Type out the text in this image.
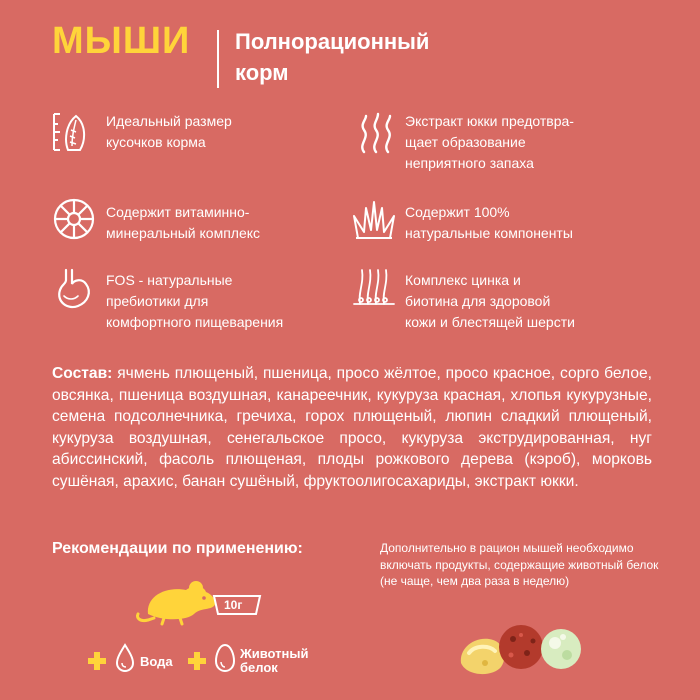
МЫШИ Полнорационный
корм
Идеальный размер
кусочков корма
Экстракт юкки предотвра-
щает образование
неприятного запаха
Содержит витаминно-
минеральный комплекс
Содержит 100%
натуральные компоненты
FOS - натуральные
пребиотики для
комфортного пищеварения
Комплекс цинка и
биотина для здоровой
кожи и блестящей шерсти
Состав: ячмень плющеный, пшеница, просо жёлтое, просо красное, сорго белое, овсянка, пшеница воздушная, канареечник, кукуруза красная, хлопья кукурузные, семена подсолнечника, гречиха, горох плющеный, люпин сладкий плющеный, кукуруза воздушная, сенегальское просо, кукуруза экструдированная, нуг абиссинский, фасоль плющеная, плоды рожкового дерева (кэроб), морковь сушёная, арахис, банан сушёный, фруктоолигосахариды, экстракт юкки.
Рекомендации по применению:	Дополнительно в рацион мышей необходимо включать продукты, содержащие животный белок (не чаще, чем два раза в неделю)
10г
Вода
Животный
белок
